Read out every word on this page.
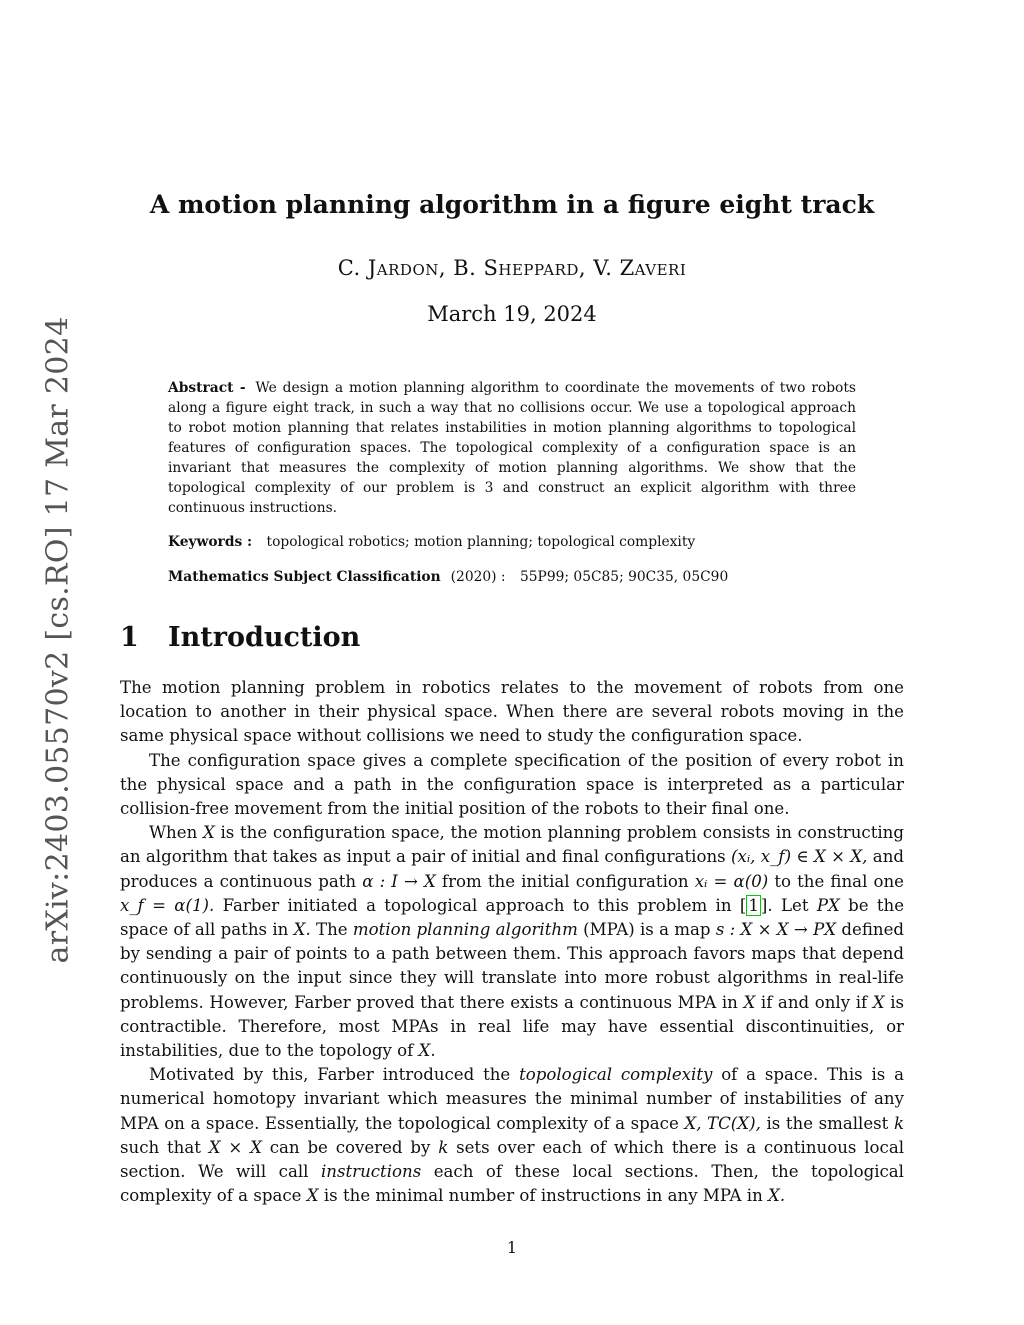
arXiv:2403.05570v2 [cs.RO] 17 Mar 2024
A motion planning algorithm in a figure eight track
C. Jardon, B. Sheppard, V. Zaveri
March 19, 2024
Abstract - We design a motion planning algorithm to coordinate the movements of two robots along a figure eight track, in such a way that no collisions occur. We use a topological approach to robot motion planning that relates instabilities in motion planning algorithms to topological features of configuration spaces. The topological complexity of a configuration space is an invariant that measures the complexity of motion planning algorithms. We show that the topological complexity of our problem is 3 and construct an explicit algorithm with three continuous instructions.
Keywords : topological robotics; motion planning; topological complexity
Mathematics Subject Classification (2020) : 55P99; 05C85; 90C35, 05C90
1 Introduction

The motion planning problem in robotics relates to the movement of robots from one location to another in their physical space. When there are several robots moving in the same physical space without collisions we need to study the configuration space.

The configuration space gives a complete specification of the position of every robot in the physical space and a path in the configuration space is interpreted as a particular collision-free movement from the initial position of the robots to their final one.

When X is the configuration space, the motion planning problem consists in constructing an algorithm that takes as input a pair of initial and final configurations (xᵢ, x_f) ∈ X × X, and produces a continuous path α : I → X from the initial configuration xᵢ = α(0) to the final one x_f = α(1). Farber initiated a topological approach to this problem in [ 1 ]. Let PX be the space of all paths in X. The motion planning algorithm (MPA) is a map s : X × X → PX defined by sending a pair of points to a path between them. This approach favors maps that depend continuously on the input since they will translate into more robust algorithms in real-life problems. However, Farber proved that there exists a continuous MPA in X if and only if X is contractible. Therefore, most MPAs in real life may have essential discontinuities, or instabilities, due to the topology of X.

Motivated by this, Farber introduced the topological complexity of a space. This is a numerical homotopy invariant which measures the minimal number of instabilities of any MPA on a space. Essentially, the topological complexity of a space X, TC(X), is the smallest k such that X × X can be covered by k sets over each of which there is a continuous local section. We will call instructions each of these local sections. Then, the topological complexity of a space X is the minimal number of instructions in any MPA in X.

1
